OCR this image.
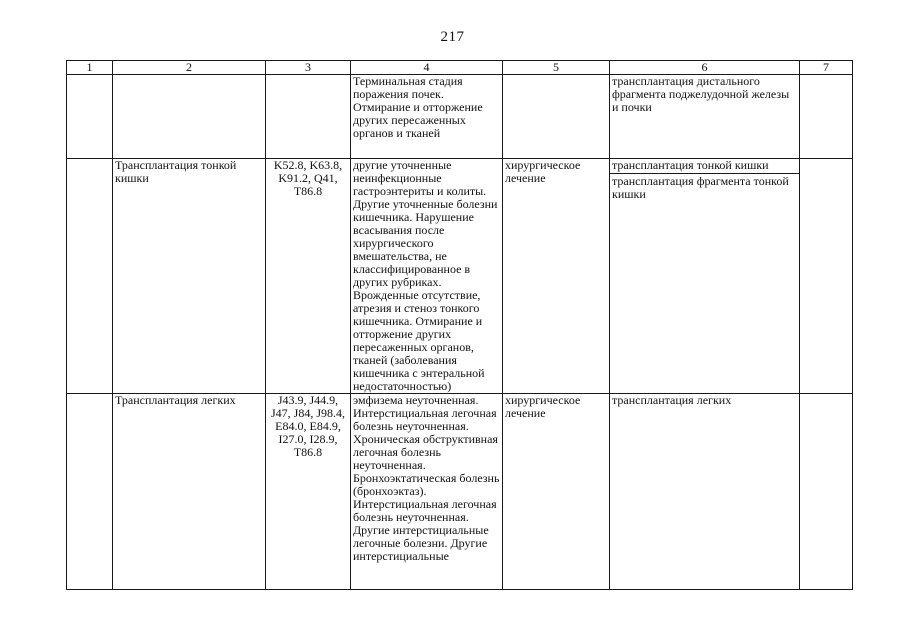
217
1	2	3	4	5	6	7
			Терминальная стадия поражения почек. Отмирание и отторжение других пересаженных органов и тканей		трансплантация дистального фрагмента поджелудочной железы и почки	
	Трансплантация тонкой кишки	K52.8, K63.8, K91.2, Q41, T86.8	другие уточненные неинфекционные гастроэнтериты и колиты. Другие уточненные болезни кишечника. Нарушение всасывания после хирургического вмешательства, не классифицированное в других рубриках. Врожденные отсутствие, атрезия и стеноз тонкого кишечника. Отмирание и отторжение других пересаженных органов, тканей (заболевания кишечника с энтеральной недостаточностью)	хирургическое лечение	трансплантация тонкой кишки
трансплантация фрагмента тонкой кишки	

	Трансплантация легких	J43.9, J44.9, J47, J84, J98.4, E84.0, E84.9, I27.0, I28.9, T86.8	эмфизема неуточненная. Интерстициальная легочная болезнь неуточненная. Хроническая обструктивная легочная болезнь неуточненная. Бронхоэктатическая болезнь (бронхоэктаз). Интерстициальная легочная болезнь неуточненная. Другие интерстициальные легочные болезни. Другие интерстициальные	хирургическое лечение	трансплантация легких	
